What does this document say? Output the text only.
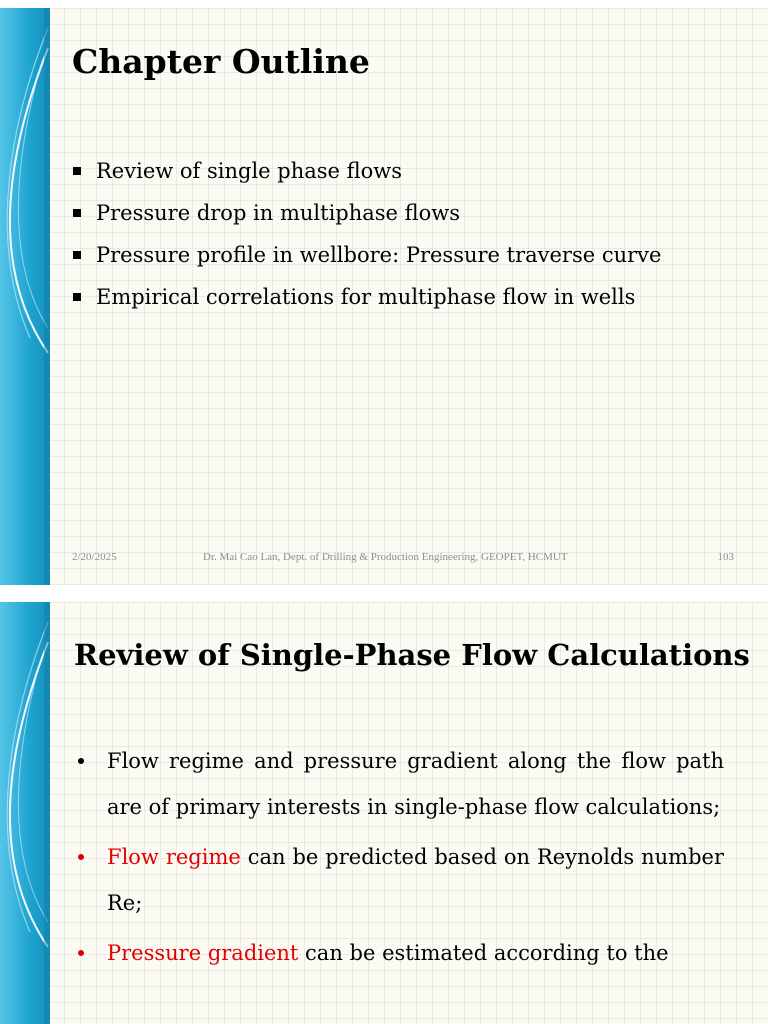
Chapter Outline
Review of single phase flows
Pressure drop in multiphase flows
Pressure profile in wellbore: Pressure traverse curve
Empirical correlations for multiphase flow in wells
2/20/2025	Dr. Mai Cao Lan, Dept. of Drilling & Production Engineering, GEOPET, HCMUT	103
Review of Single-Phase Flow Calculations
Flow regime and pressure gradient along the flow path are of primary interests in single-phase flow calculations;
Flow regime can be predicted based on Reynolds number Re;
Pressure gradient can be estimated according to the
